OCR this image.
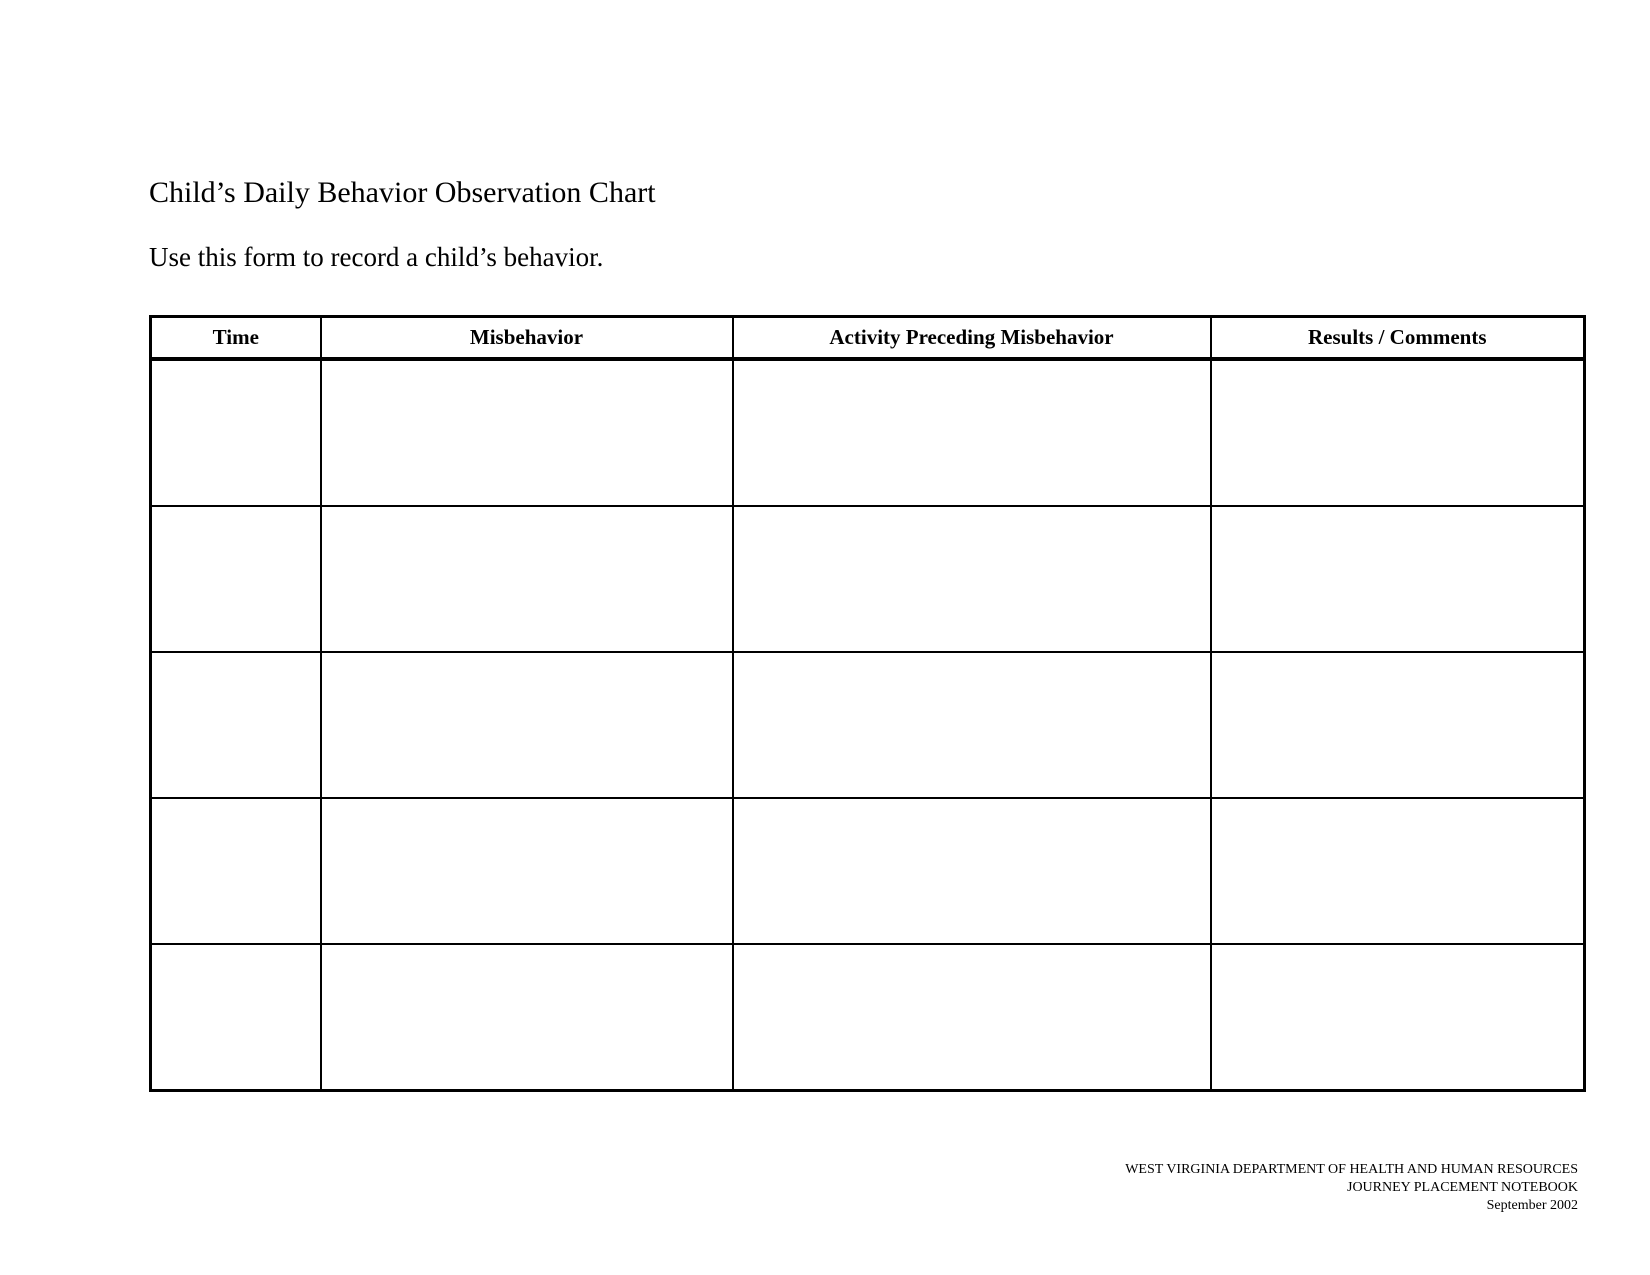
Child’s Daily Behavior Observation Chart

Use this form to record a child’s behavior.

Time	Misbehavior	Activity Preceding Misbehavior	Results / Comments

WEST VIRGINIA DEPARTMENT OF HEALTH AND HUMAN RESOURCES
JOURNEY PLACEMENT NOTEBOOK
September 2002
